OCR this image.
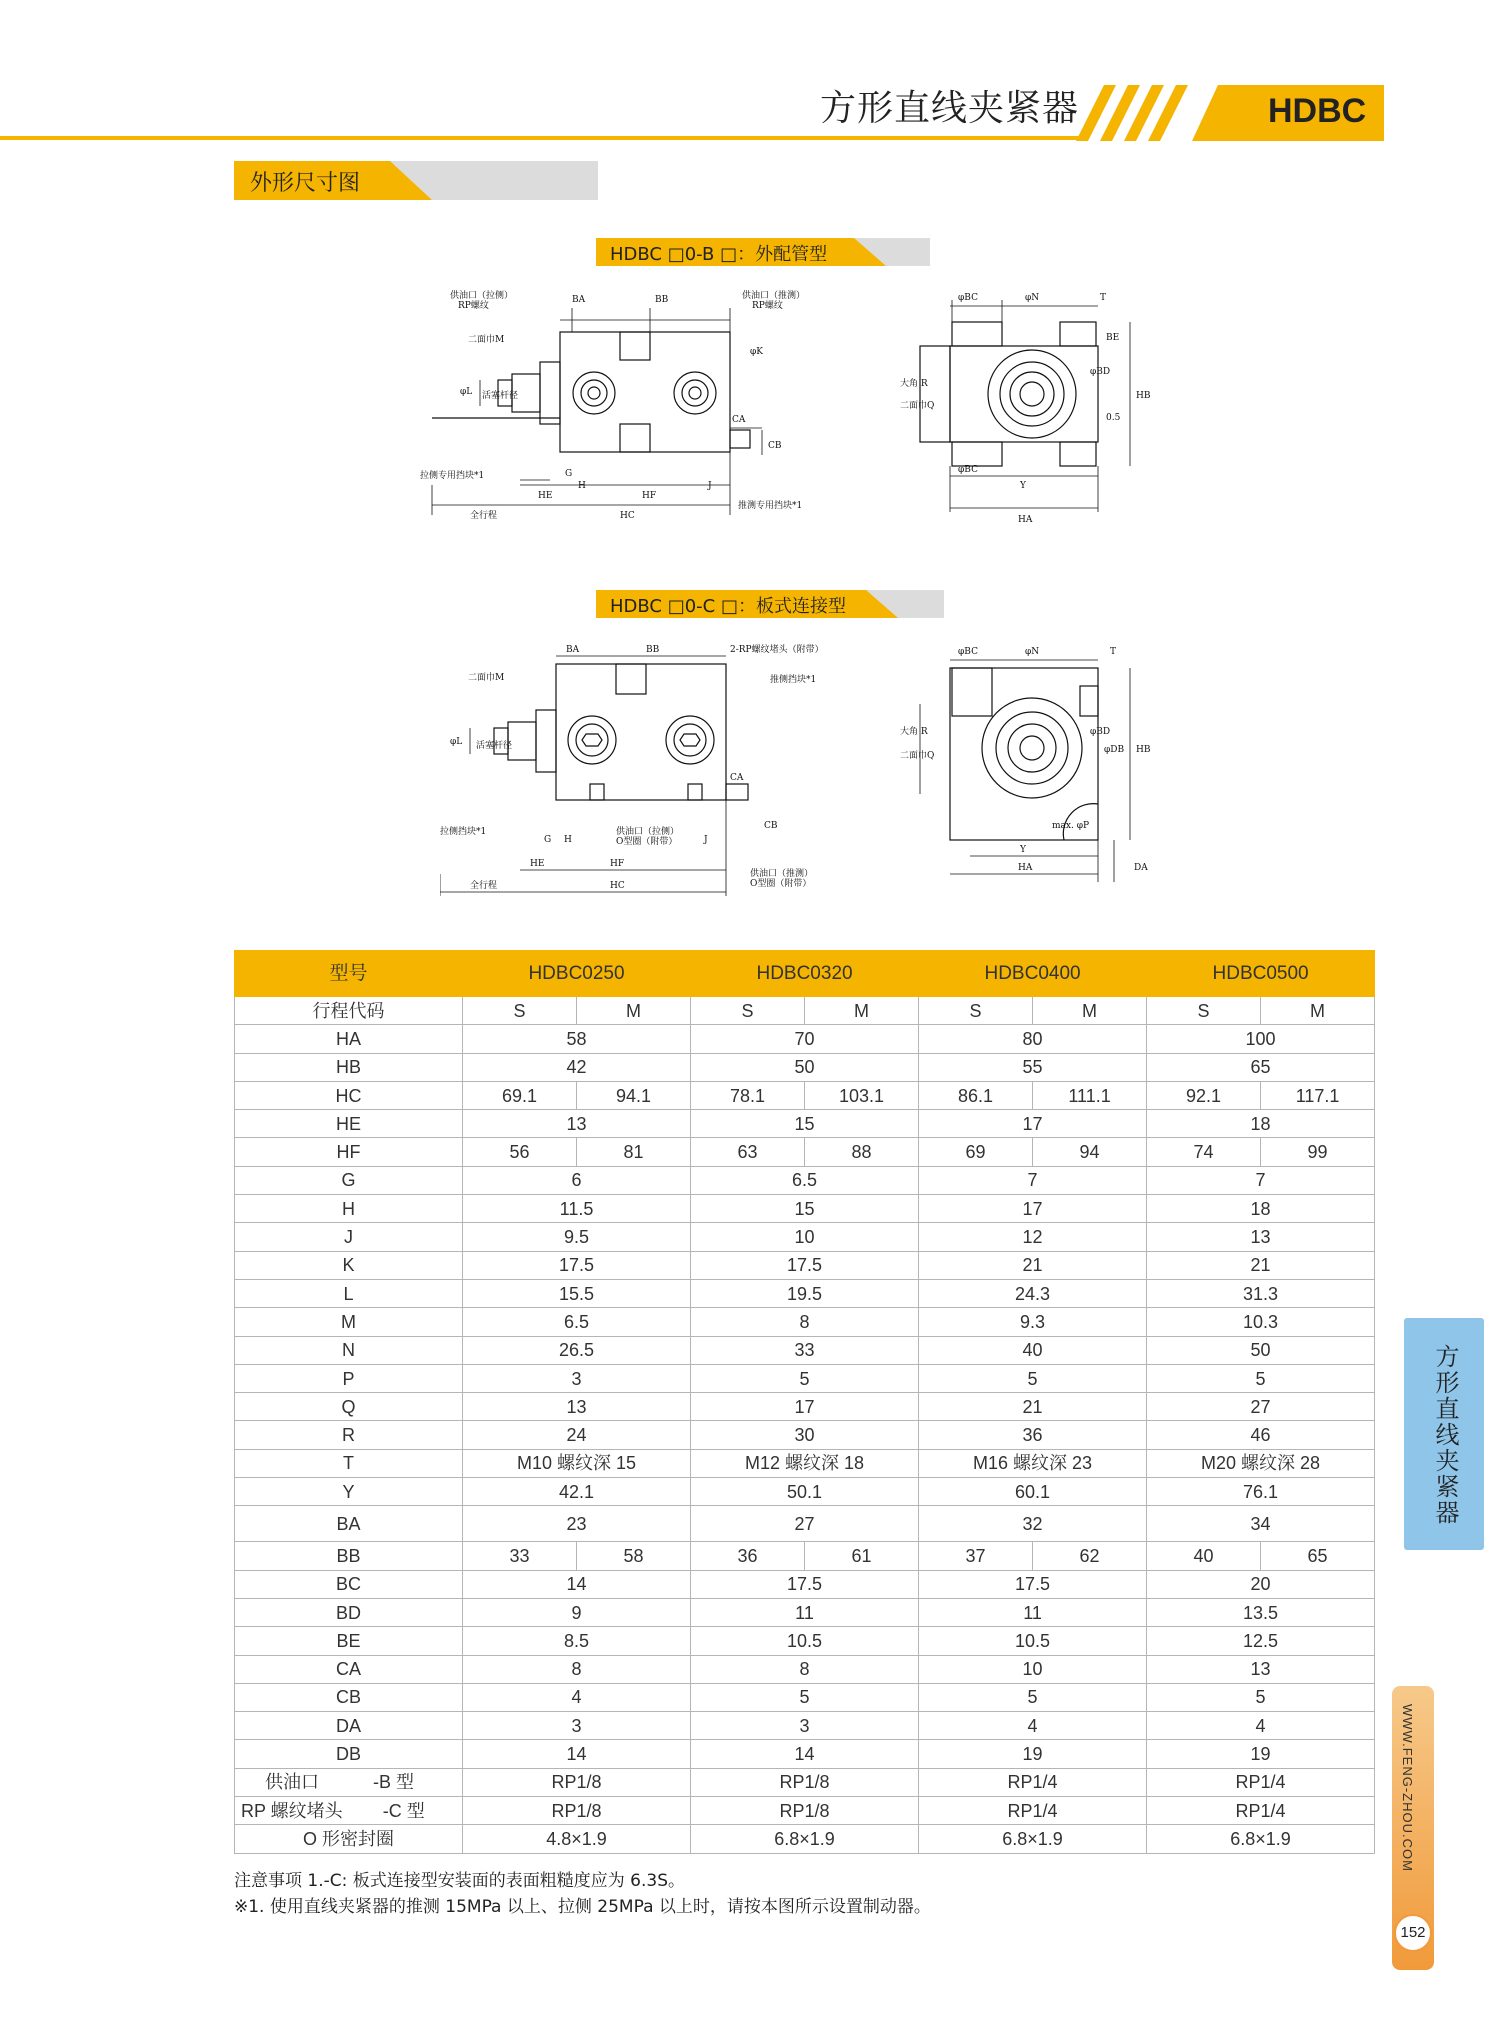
方形直线夹紧器	HDBC
外形尺寸图
HDBC □0-B □：外配管型
BA	BB
供油口（拉侧）
RP螺纹
供油口（推测）
RP螺纹
二面巾M
φK
φL 活塞杆径
CA
CB
拉侧专用挡块*1
推测专用挡块*1
HE
H
G
HF
J
全行程	HC
φBC	φN	T
BE
φBD
HB
大角 R
二面巾Q
0.5
φBC
Y
HA
HDBC □0-C □：板式连接型
BA	BB	2-RP螺纹堵头（附带）
推侧挡块*1
二面巾M
φL 活塞杆径
拉侧挡块*1
CA
CB
供油口（拉侧）
O型圈（附带）
供油口（推测）
O型圈（附带）
G H
HE	HF
J
全行程	HC
φBC	φN	T
φBD
φDB HB
大角 R
二面巾Q
max. φP
Y
HA	DA
型号	HDBC0250		HDBC0320		HDBC0400		HDBC0500	
行程代码	S	M	S	M	S	M	S	M
HA	58		70		80		100	
HB	42		50		55		65	
HC	69.1	94.1	78.1	103.1	86.1	111.1	92.1	117.1
HE	13		15		17		18	
HF	56	81	63	88	69	94	74	99
G	6		6.5		7		7	
H	11.5		15		17		18	
J	9.5		10		12		13	
K	17.5		17.5		21		21	
L	15.5		19.5		24.3		31.3	
M	6.5		8		9.3		10.3	
N	26.5		33		40		50	
P	3		5		5		5	
Q	13		17		21		27	
R	24		30		36		46	
T	M10 螺纹深 15		M12 螺纹深 18		M16 螺纹深 23		M20 螺纹深 28	
Y	42.1		50.1		60.1		76.1	
BA	23		27		32		34	
BB	33	58	36	61	37	62	40	65
BC	14		17.5		17.5		20	
BD	9		11		11		13.5	
BE	8.5		10.5		10.5		12.5	
CA	8		8		10		13	
CB	4		5		5		5	
DA	3		3		4		4	
DB	14		14		19		19	
供油口 -B 型	RP1/8		RP1/8		RP1/4		RP1/4	
RP 螺纹堵头 -C 型	RP1/8		RP1/8		RP1/4		RP1/4	
O 形密封圈	4.8×1.9		6.8×1.9		6.8×1.9		6.8×1.9	
注意事项 1.-C: 板式连接型安装面的表面粗糙度应为 6.3S。
※1. 使用直线夹紧器的推测 15MPa 以上、拉侧 25MPa 以上时，请按本图所示设置制动器。
方形直线夹紧器
WWW.FENG-ZHOU.COM
152
